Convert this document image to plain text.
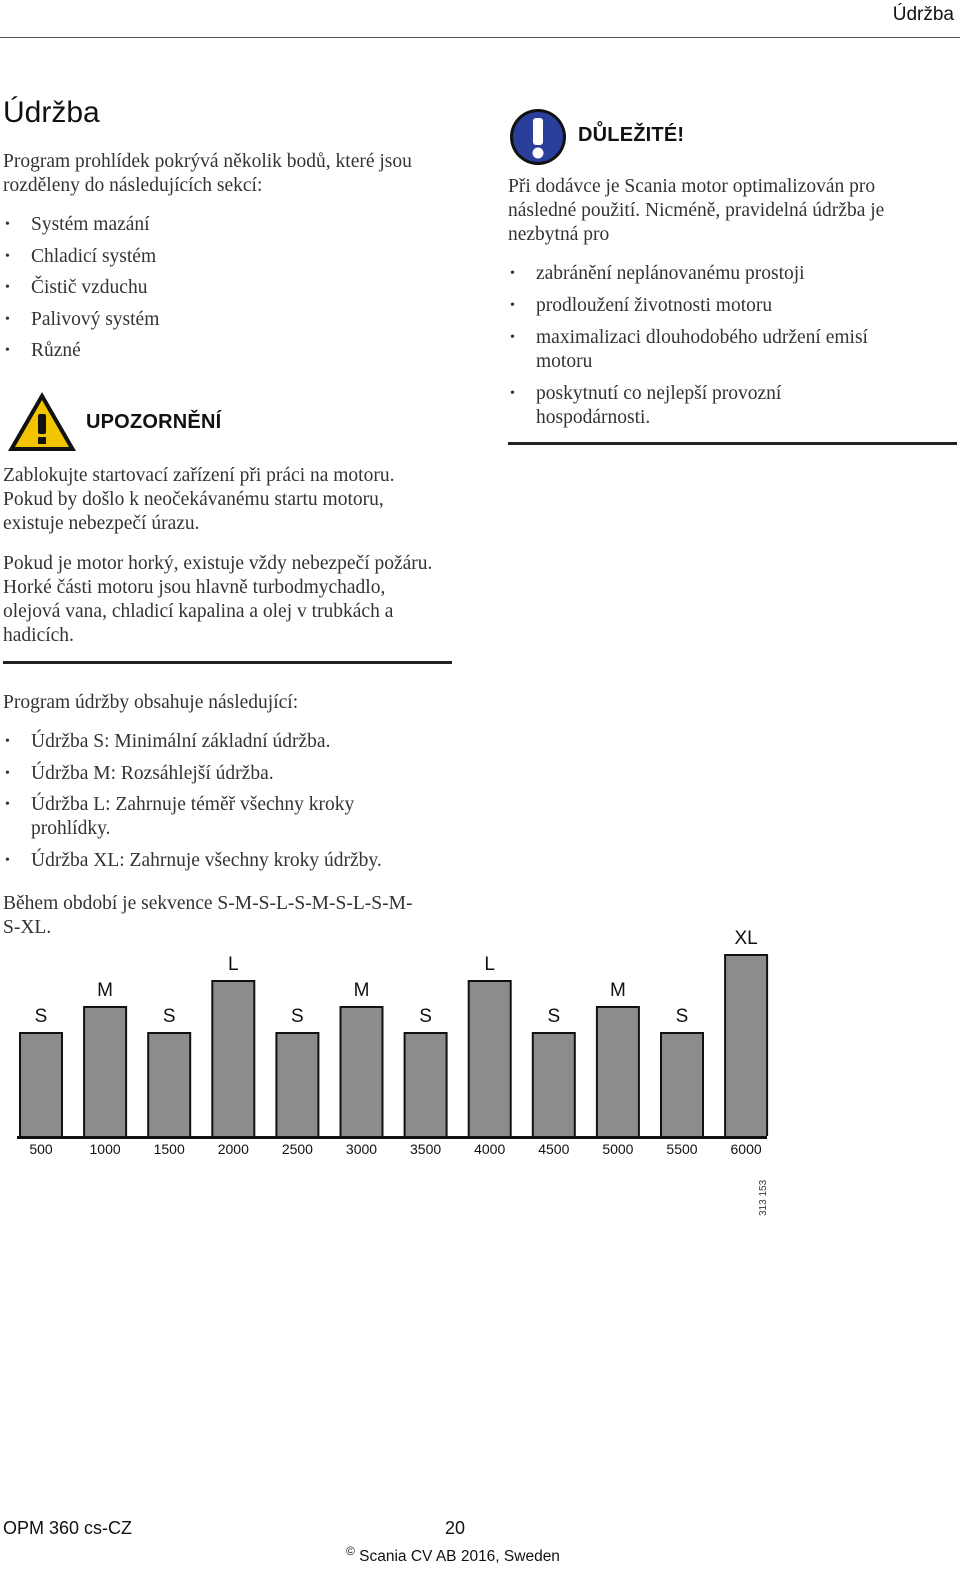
Údržba
Údržba

Program prohlídek pokrývá několik bodů, které jsou rozděleny do následujících sekcí:

• Systém mazání
• Chladicí systém
• Čistič vzduchu
• Palivový systém
• Různé
UPOZORNĚNÍ

Zablokujte startovací zařízení při práci na motoru. Pokud by došlo k neočekávanému startu motoru, existuje nebezpečí úrazu.

Pokud je motor horký, existuje vždy nebezpečí požáru. Horké části motoru jsou hlavně turbodmychadlo, olejová vana, chladicí kapalina a olej v trubkách a hadicích.

DŮLEŽITÉ!

Při dodávce je Scania motor optimalizován pro následné použití. Nicméně, pravidelná údržba je nezbytná pro

• zabránění neplánovanému prostoji
• prodloužení životnosti motoru
• maximalizaci dlouhodobého udržení emisí motoru
• poskytnutí co nejlepší provozní hospodárnosti.

Program údržby obsahuje následující:

• Údržba S: Minimální základní údržba.
• Údržba M: Rozsáhlejší údržba.
• Údržba L: Zahrnuje téměř všechny kroky prohlídky.
• Údržba XL: Zahrnuje všechny kroky údržby.

Během období je sekvence S-M-S-L-S-M-S-L-S-M-S-XL.

S
500
M
1000
S
1500
L
2000
S
2500
M
3000
S
3500
L
4000
S
4500
M
5000
S
5500
XL
6000
313 153
OPM 360 cs-CZ	20
© Scania CV AB 2016, Sweden
